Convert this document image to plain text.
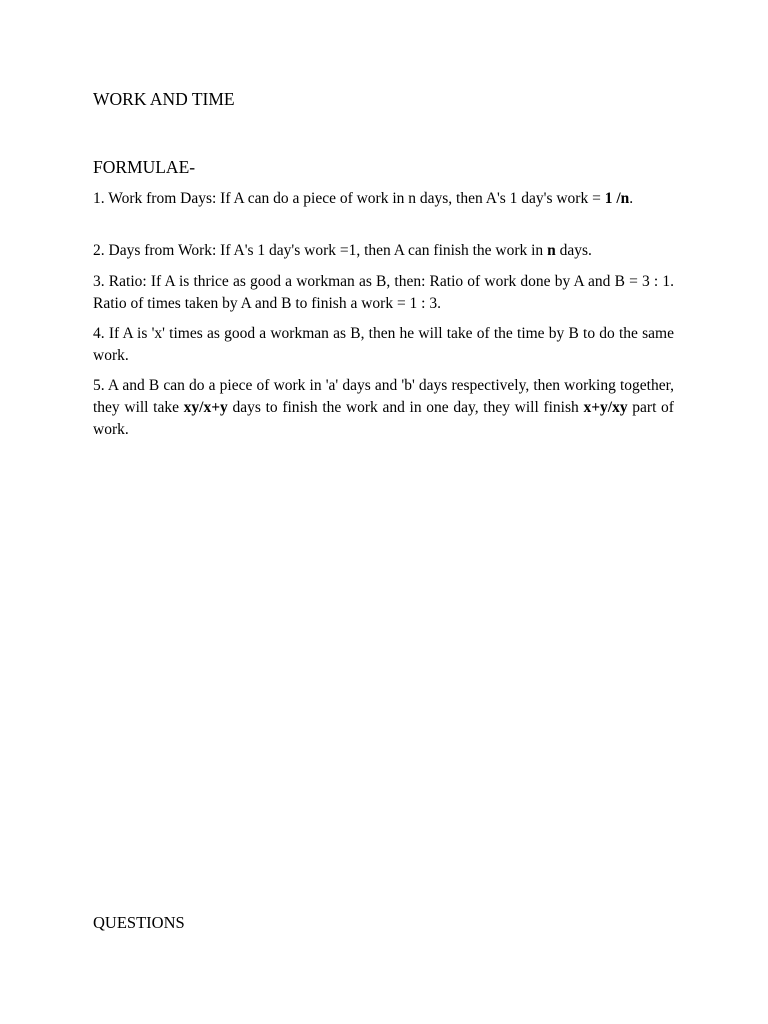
WORK AND TIME
FORMULAE-

1. Work from Days: If A can do a piece of work in n days, then A's 1 day's work = 1 /n.

2. Days from Work: If A's 1 day's work =1, then A can finish the work in n days.

3. Ratio: If A is thrice as good a workman as B, then: Ratio of work done by A and B = 3 : 1. Ratio of times taken by A and B to finish a work = 1 : 3.

4. If A is 'x' times as good a workman as B, then he will take of the time by B to do the same work.

5. A and B can do a piece of work in 'a' days and 'b' days respectively, then working together, they will take xy/x+y days to finish the work and in one day, they will finish x+y/xy part of work.

QUESTIONS
